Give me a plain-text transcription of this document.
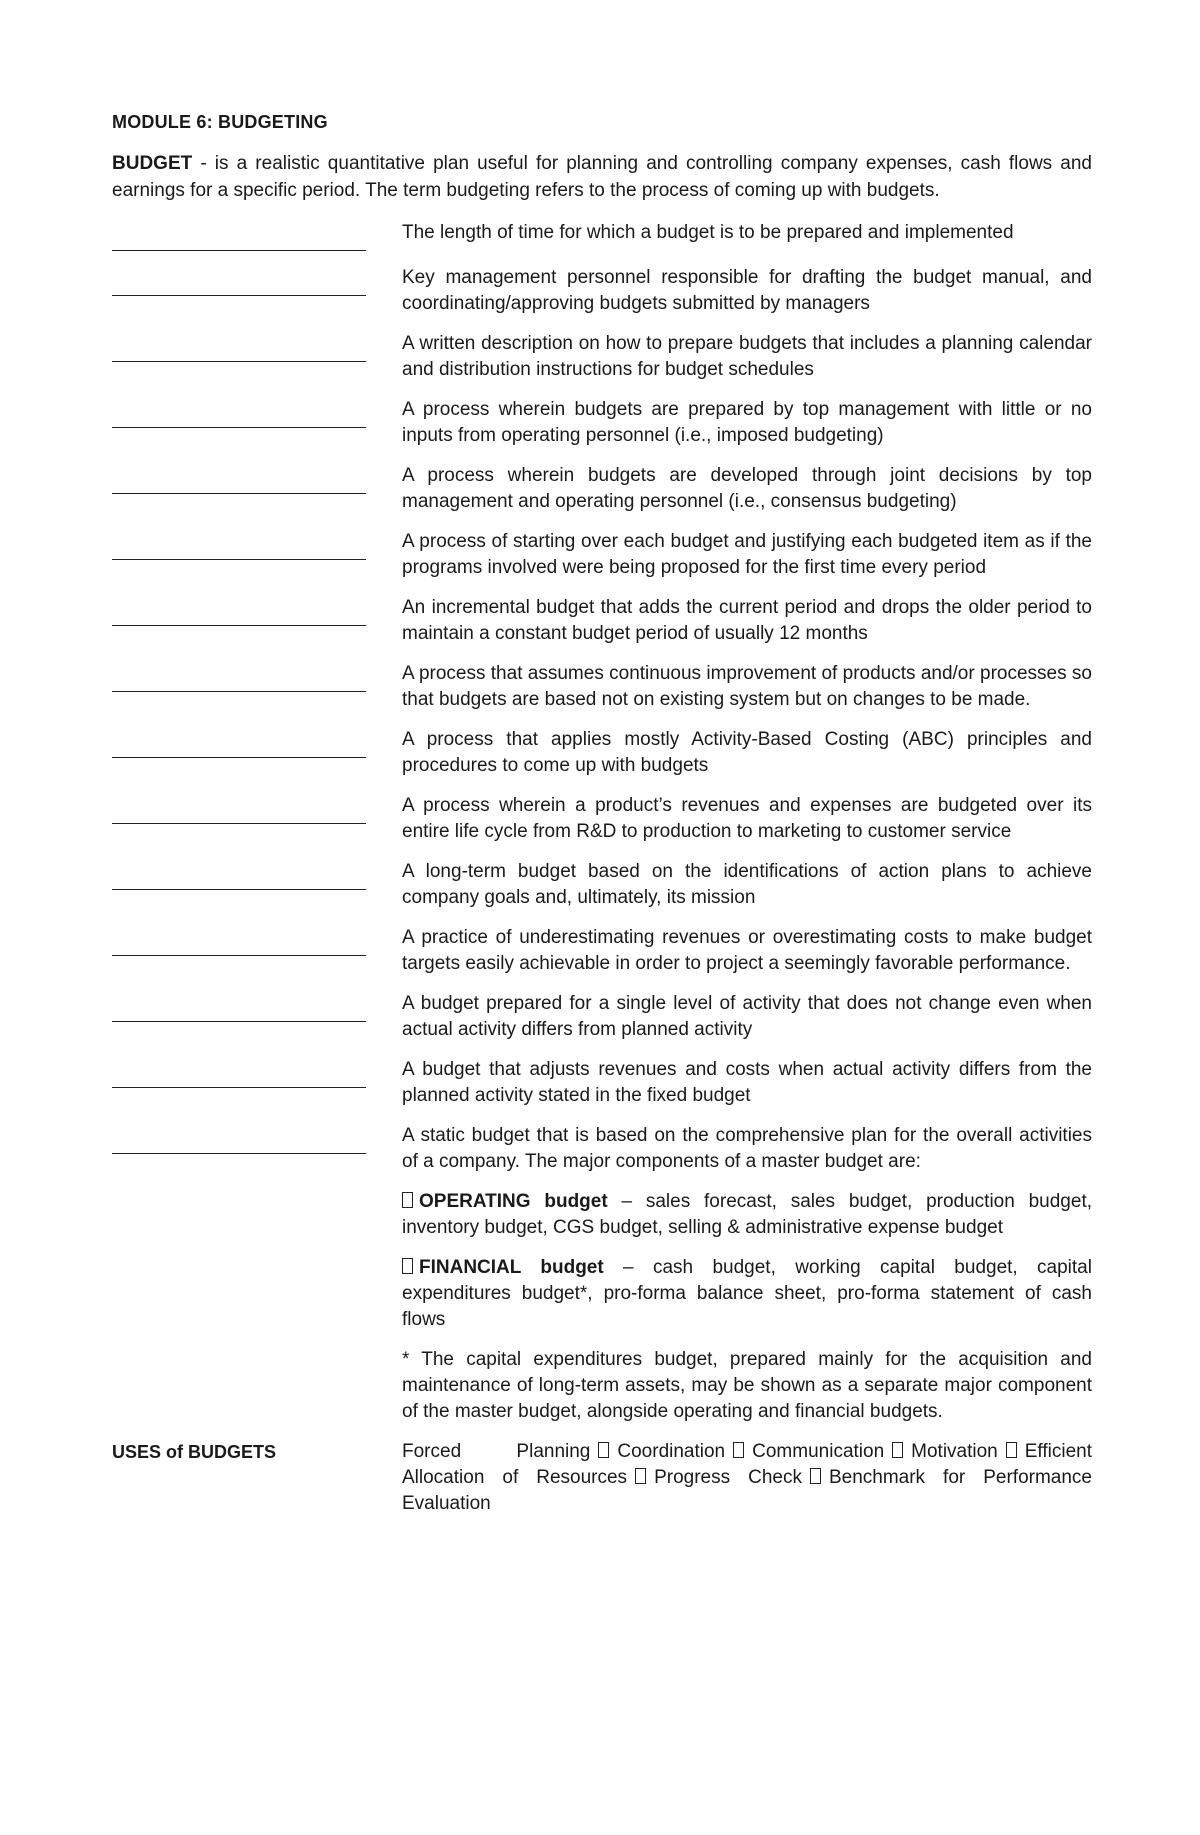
MODULE 6: BUDGETING
BUDGET - is a realistic quantitative plan useful for planning and controlling company expenses, cash flows and earnings for a specific period. The term budgeting refers to the process of coming up with budgets.
The length of time for which a budget is to be prepared and implemented
Key management personnel responsible for drafting the budget manual, and coordinating/approving budgets submitted by managers
A written description on how to prepare budgets that includes a planning calendar and distribution instructions for budget schedules
A process wherein budgets are prepared by top management with little or no inputs from operating personnel (i.e., imposed budgeting)
A process wherein budgets are developed through joint decisions by top management and operating personnel (i.e., consensus budgeting)
A process of starting over each budget and justifying each budgeted item as if the programs involved were being proposed for the first time every period
An incremental budget that adds the current period and drops the older period to maintain a constant budget period of usually 12 months
A process that assumes continuous improvement of products and/or processes so that budgets are based not on existing system but on changes to be made.
A process that applies mostly Activity-Based Costing (ABC) principles and procedures to come up with budgets
A process wherein a product’s revenues and expenses are budgeted over its entire life cycle from R&D to production to marketing to customer service
A long-term budget based on the identifications of action plans to achieve company goals and, ultimately, its mission
A practice of underestimating revenues or overestimating costs to make budget targets easily achievable in order to project a seemingly favorable performance.
A budget prepared for a single level of activity that does not change even when actual activity differs from planned activity
A budget that adjusts revenues and costs when actual activity differs from the planned activity stated in the fixed budget
A static budget that is based on the comprehensive plan for the overall activities of a company. The major components of a master budget are:
OPERATING budget – sales forecast, sales budget, production budget, inventory budget, CGS budget, selling & administrative expense budget
FINANCIAL budget – cash budget, working capital budget, capital expenditures budget*, pro-forma balance sheet, pro-forma statement of cash flows
* The capital expenditures budget, prepared mainly for the acquisition and maintenance of long-term assets, may be shown as a separate major component of the master budget, alongside operating and financial budgets.
USES of BUDGETS	Forced Planning Coordination Communication Motivation Efficient Allocation of Resources Progress Check Benchmark for Performance Evaluation
